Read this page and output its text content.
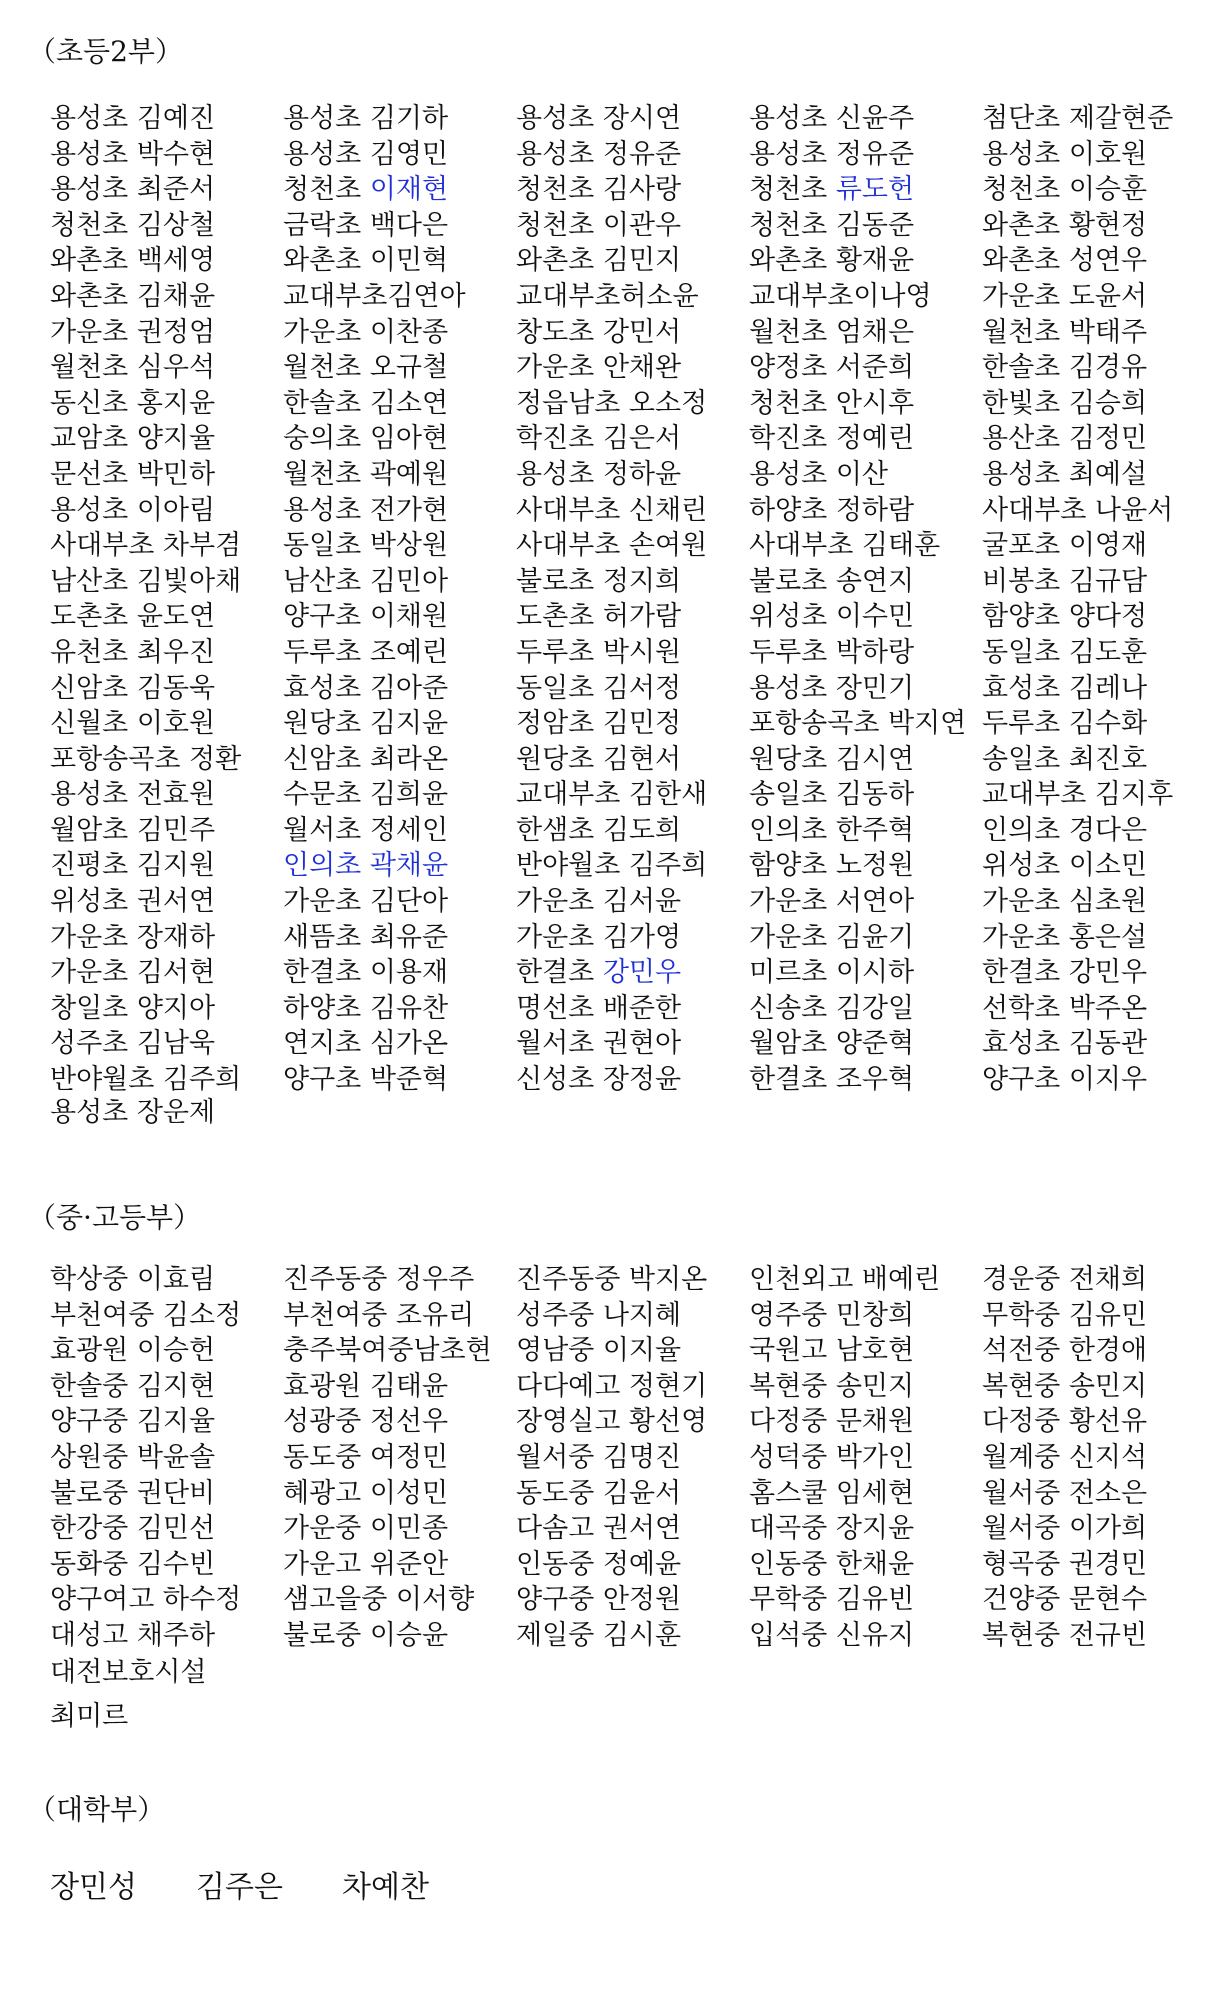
（초등2부）
용성초 김예진	용성초 김기하	용성초 장시연	용성초 신윤주	첨단초 제갈현준
용성초 박수현	용성초 김영민	용성초 정유준	용성초 정유준	용성초 이호원
용성초 최준서	청천초 이재현	청천초 김사랑	청천초 류도헌	청천초 이승훈
청천초 김상철	금락초 백다은	청천초 이관우	청천초 김동준	와촌초 황현정
와촌초 백세영	와촌초 이민혁	와촌초 김민지	와촌초 황재윤	와촌초 성연우
와촌초 김채윤	교대부초김연아	교대부초허소윤	교대부초이나영	가운초 도윤서
가운초 권정엄	가운초 이찬종	창도초 강민서	월천초 엄채은	월천초 박태주
월천초 심우석	월천초 오규철	가운초 안채완	양정초 서준희	한솔초 김경유
동신초 홍지윤	한솔초 김소연	정읍남초 오소정	청천초 안시후	한빛초 김승희
교암초 양지율	숭의초 임아현	학진초 김은서	학진초 정예린	용산초 김정민
문선초 박민하	월천초 곽예원	용성초 정하윤	용성초 이산	용성초 최예설
용성초 이아림	용성초 전가현	사대부초 신채린	하양초 정하람	사대부초 나윤서
사대부초 차부겸	동일초 박상원	사대부초 손여원	사대부초 김태훈	굴포초 이영재
남산초 김빛아채	남산초 김민아	불로초 정지희	불로초 송연지	비봉초 김규담
도촌초 윤도연	양구초 이채원	도촌초 허가람	위성초 이수민	함양초 양다정
유천초 최우진	두루초 조예린	두루초 박시원	두루초 박하랑	동일초 김도훈
신암초 김동욱	효성초 김아준	동일초 김서정	용성초 장민기	효성초 김레나
신월초 이호원	원당초 김지윤	정암초 김민정	포항송곡초 박지연 두루초 김수화
포항송곡초 정환	신암초 최라온	원당초 김현서	원당초 김시연	송일초 최진호
용성초 전효원	수문초 김희윤	교대부초 김한새	송일초 김동하	교대부초 김지후
월암초 김민주	월서초 정세인	한샘초 김도희	인의초 한주혁	인의초 경다은
진평초 김지원	인의초 곽채윤	반야월초 김주희	함양초 노정원	위성초 이소민
위성초 권서연	가운초 김단아	가운초 김서윤	가운초 서연아	가운초 심초원
가운초 장재하	새뜸초 최유준	가운초 김가영	가운초 김윤기	가운초 홍은설
가운초 김서현	한결초 이용재	한결초 강민우	미르초 이시하	한결초 강민우
창일초 양지아	하양초 김유찬	명선초 배준한	신송초 김강일	선학초 박주온
성주초 김남욱	연지초 심가온	월서초 권현아	월암초 양준혁	효성초 김동관
반야월초 김주희	양구초 박준혁	신성초 장정윤	한결초 조우혁	양구초 이지우
용성초 장운제
（중·고등부）
학상중 이효림	진주동중 정우주	진주동중 박지온	인천외고 배예린	경운중 전채희
부천여중 김소정	부천여중 조유리	성주중 나지혜	영주중 민창희	무학중 김유민
효광원 이승헌	충주북여중남초현 영남중 이지율	국원고 남호현	석전중 한경애
한솔중 김지현	효광원 김태윤	다다예고 정현기	복현중 송민지	복현중 송민지
양구중 김지율	성광중 정선우	장영실고 황선영	다정중 문채원	다정중 황선유
상원중 박윤솔	동도중 여정민	월서중 김명진	성덕중 박가인	월계중 신지석
불로중 권단비	혜광고 이성민	동도중 김윤서	홈스쿨 임세현	월서중 전소은
한강중 김민선	가운중 이민종	다솜고 권서연	대곡중 장지윤	월서중 이가희
동화중 김수빈	가운고 위준안	인동중 정예윤	인동중 한채윤	형곡중 권경민
양구여고 하수정	샘고을중 이서향	양구중 안정원	무학중 김유빈	건양중 문현수
대성고 채주하	불로중 이승윤	제일중 김시훈	입석중 신유지	복현중 전규빈
대전보호시설
최미르
（대학부）
장민성	김주은	차예찬
